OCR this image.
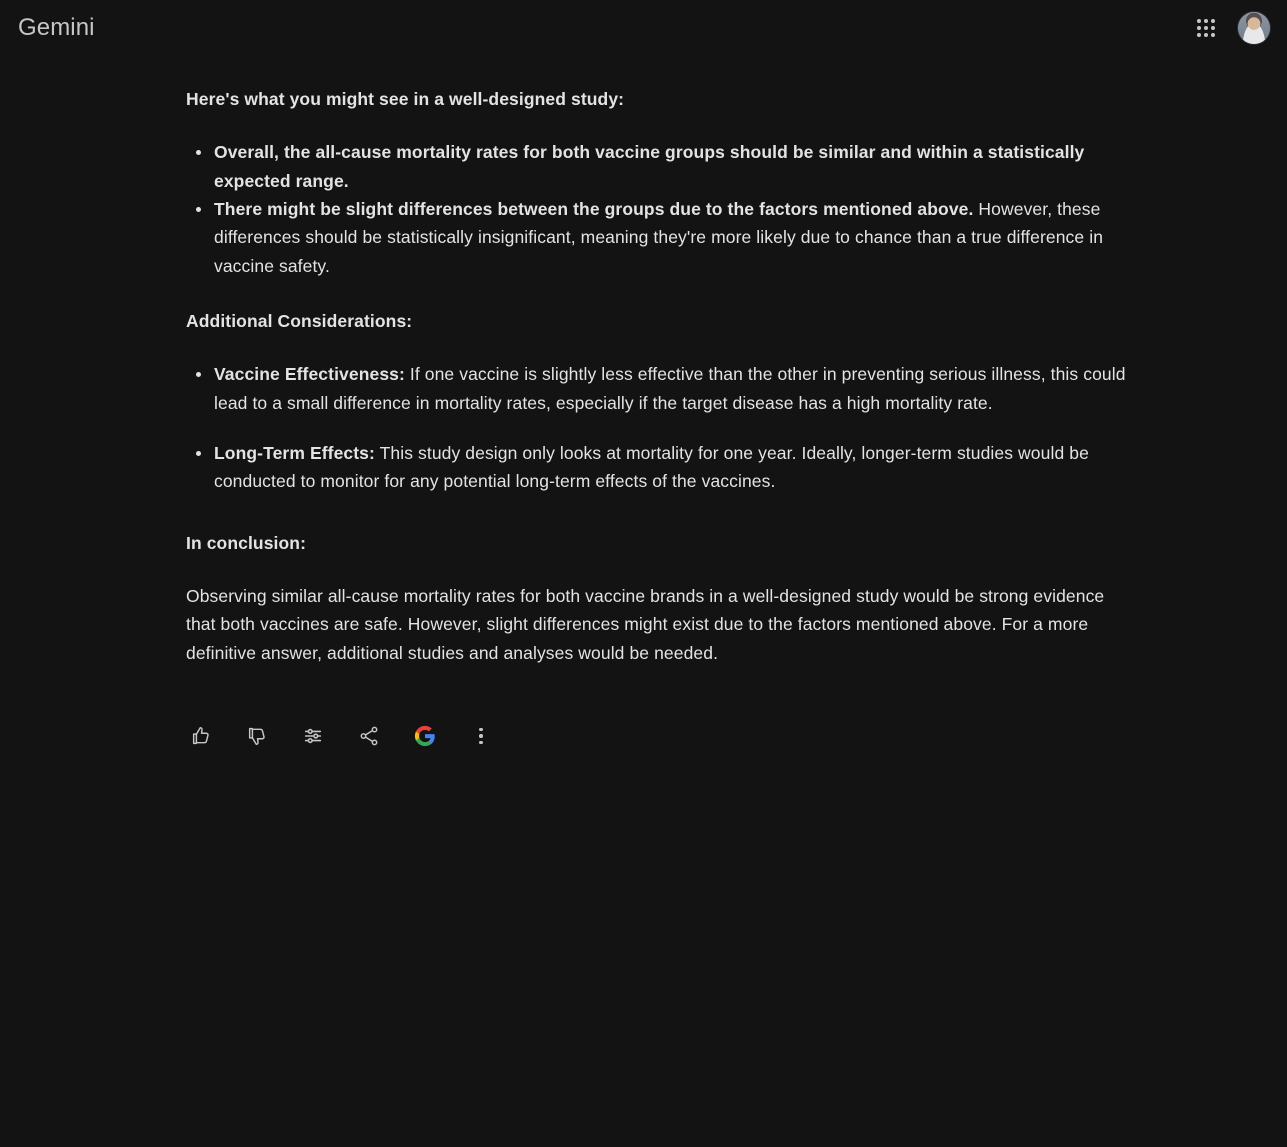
Gemini

Here's what you might see in a well-designed study:

Overall, the all-cause mortality rates for both vaccine groups should be similar and within a statistically expected range.
There might be slight differences between the groups due to the factors mentioned above. However, these differences should be statistically insignificant, meaning they're more likely due to chance than a true difference in vaccine safety.

Additional Considerations:

Vaccine Effectiveness: If one vaccine is slightly less effective than the other in preventing serious illness, this could lead to a small difference in mortality rates, especially if the target disease has a high mortality rate.
Long-Term Effects: This study design only looks at mortality for one year. Ideally, longer-term studies would be conducted to monitor for any potential long-term effects of the vaccines.

In conclusion:

Observing similar all-cause mortality rates for both vaccine brands in a well-designed study would be strong evidence that both vaccines are safe. However, slight differences might exist due to the factors mentioned above. For a more definitive answer, additional studies and analyses would be needed.
